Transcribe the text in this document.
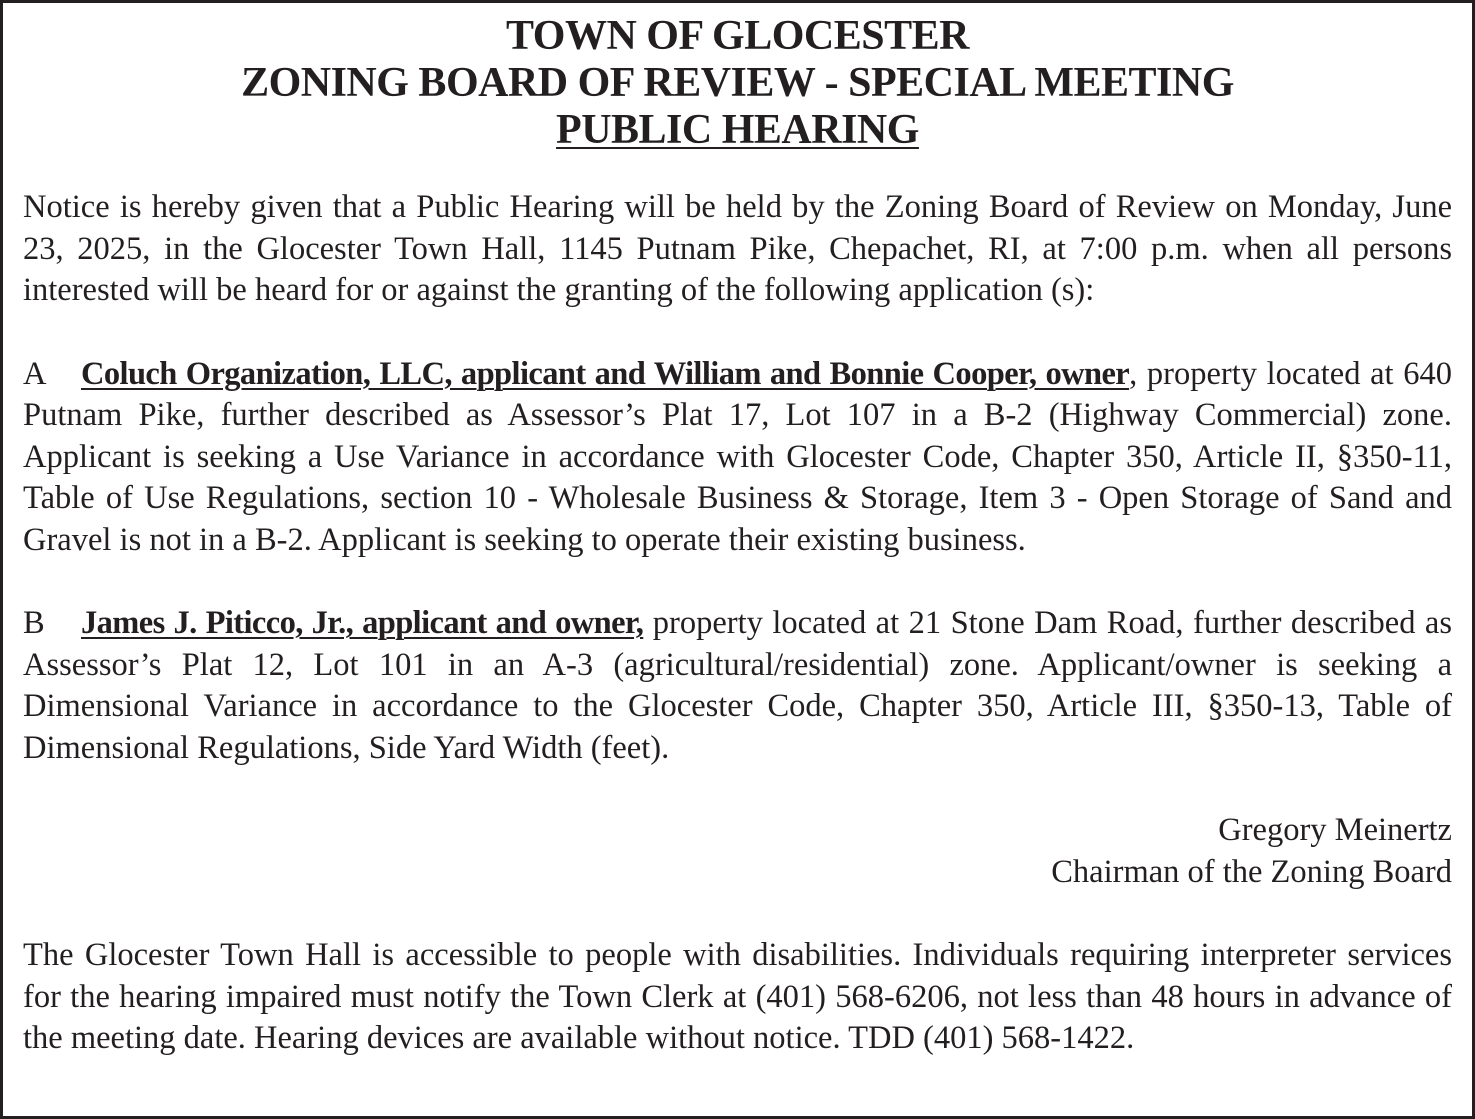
TOWN OF GLOCESTER
ZONING BOARD OF REVIEW - SPECIAL MEETING
PUBLIC HEARING

Notice is hereby given that a Public Hearing will be held by the Zoning Board of Review on Monday, June 23, 2025, in the Glocester Town Hall, 1145 Putnam Pike, Chepachet, RI, at 7:00 p.m. when all persons interested will be heard for or against the granting of the following application (s):

A Coluch Organization, LLC, applicant and William and Bonnie Cooper, owner, property located at 640 Putnam Pike, further described as Assessor’s Plat 17, Lot 107 in a B-2 (Highway Commercial) zone. Applicant is seeking a Use Variance in accordance with Glocester Code, Chapter 350, Article II, §350-11, Table of Use Regulations, section 10 - Wholesale Business & Storage, Item 3 - Open Storage of Sand and Gravel is not in a B-2. Applicant is seeking to operate their existing business.

B James J. Piticco, Jr., applicant and owner, property located at 21 Stone Dam Road, further described as Assessor’s Plat 12, Lot 101 in an A-3 (agricultural/residential) zone. Applicant/owner is seeking a Dimensional Variance in accordance to the Glocester Code, Chapter 350, Article III, §350-13, Table of Dimensional Regulations, Side Yard Width (feet).

Gregory Meinertz
Chairman of the Zoning Board

The Glocester Town Hall is accessible to people with disabilities. Individuals requiring interpreter services for the hearing impaired must notify the Town Clerk at (401) 568-6206, not less than 48 hours in advance of the meeting date. Hearing devices are available without notice. TDD (401) 568-1422.
